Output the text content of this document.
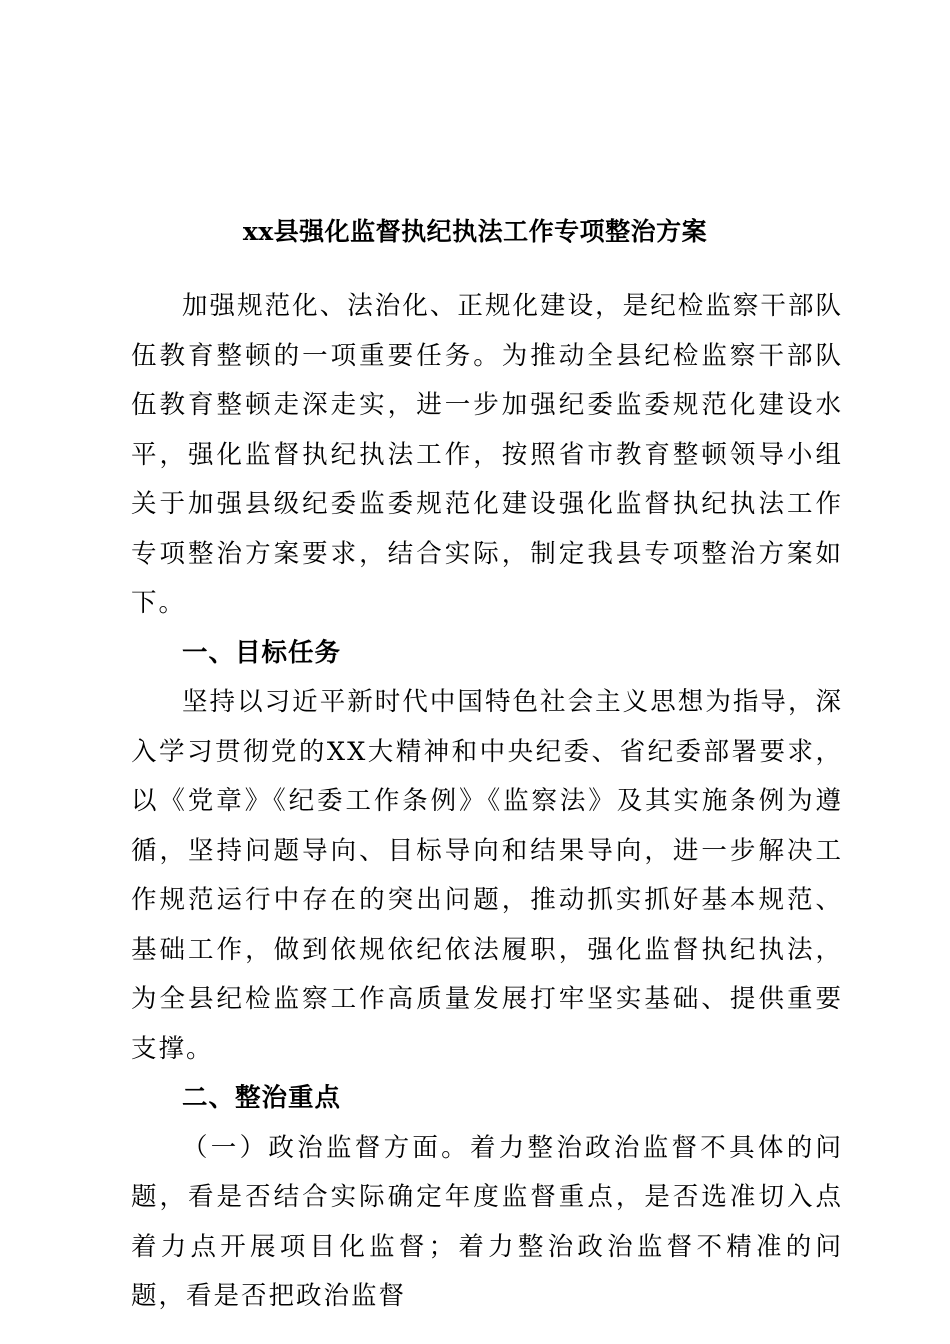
xx县强化监督执纪执法工作专项整治方案

加强规范化、法治化、正规化建设，是纪检监察干部队伍教育整顿的一项重要任务。为推动全县纪检监察干部队伍教育整顿走深走实，进一步加强纪委监委规范化建设水平，强化监督执纪执法工作，按照省市教育整顿领导小组关于加强县级纪委监委规范化建设强化监督执纪执法工作专项整治方案要求，结合实际，制定我县专项整治方案如下。

一、目标任务

坚持以习近平新时代中国特色社会主义思想为指导，深入学习贯彻党的XX大精神和中央纪委、省纪委部署要求，以《党章》《纪委工作条例》《监察法》及其实施条例为遵循，坚持问题导向、目标导向和结果导向，进一步解决工作规范运行中存在的突出问题，推动抓实抓好基本规范、基础工作，做到依规依纪依法履职，强化监督执纪执法，为全县纪检监察工作高质量发展打牢坚实基础、提供重要支撑。

二、整治重点

（一）政治监督方面。着力整治政治监督不具体的问题，看是否结合实际确定年度监督重点，是否选准切入点着力点开展项目化监督；着力整治政治监督不精准的问题，看是否把政治监督
